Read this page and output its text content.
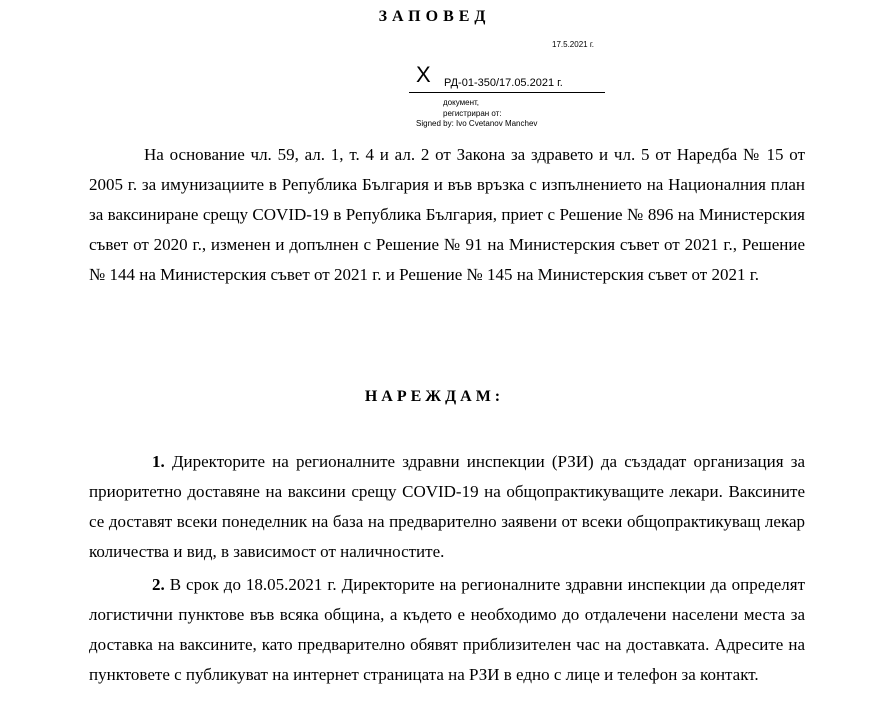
ЗАПОВЕД
17.5.2021 г.
X РД-01-350/17.05.2021 г.
документ,
регистриран от:
Signed by: Ivo Cvetanov Manchev

На основание чл. 59, ал. 1, т. 4 и ал. 2 от Закона за здравето и чл. 5 от Наредба № 15 от 2005 г. за имунизациите в Република България и във връзка с изпълнението на Националния план за ваксиниране срещу COVID-19 в Република България, приет с Решение № 896 на Министерския съвет от 2020 г., изменен и допълнен с Решение № 91 на Министерския съвет от 2021 г., Решение № 144 на Министерския съвет от 2021 г. и Решение № 145 на Министерския съвет от 2021 г.

НАРЕЖДАМ:

1. Директорите на регионалните здравни инспекции (РЗИ) да създадат организация за приоритетно доставяне на ваксини срещу COVID-19 на общопрактикуващите лекари. Ваксините се доставят всеки понеделник на база на предварително заявени от всеки общопрактикуващ лекар количества и вид, в зависимост от наличностите.

2. В срок до 18.05.2021 г. Директорите на регионалните здравни инспекции да определят логистични пунктове във всяка община, а където е необходимо до отдалечени населени места за доставка на ваксините, като предварително обявят приблизителен час на доставката. Адресите на пунктовете с публикуват на интернет страницата на РЗИ в едно с лице и телефон за контакт.
